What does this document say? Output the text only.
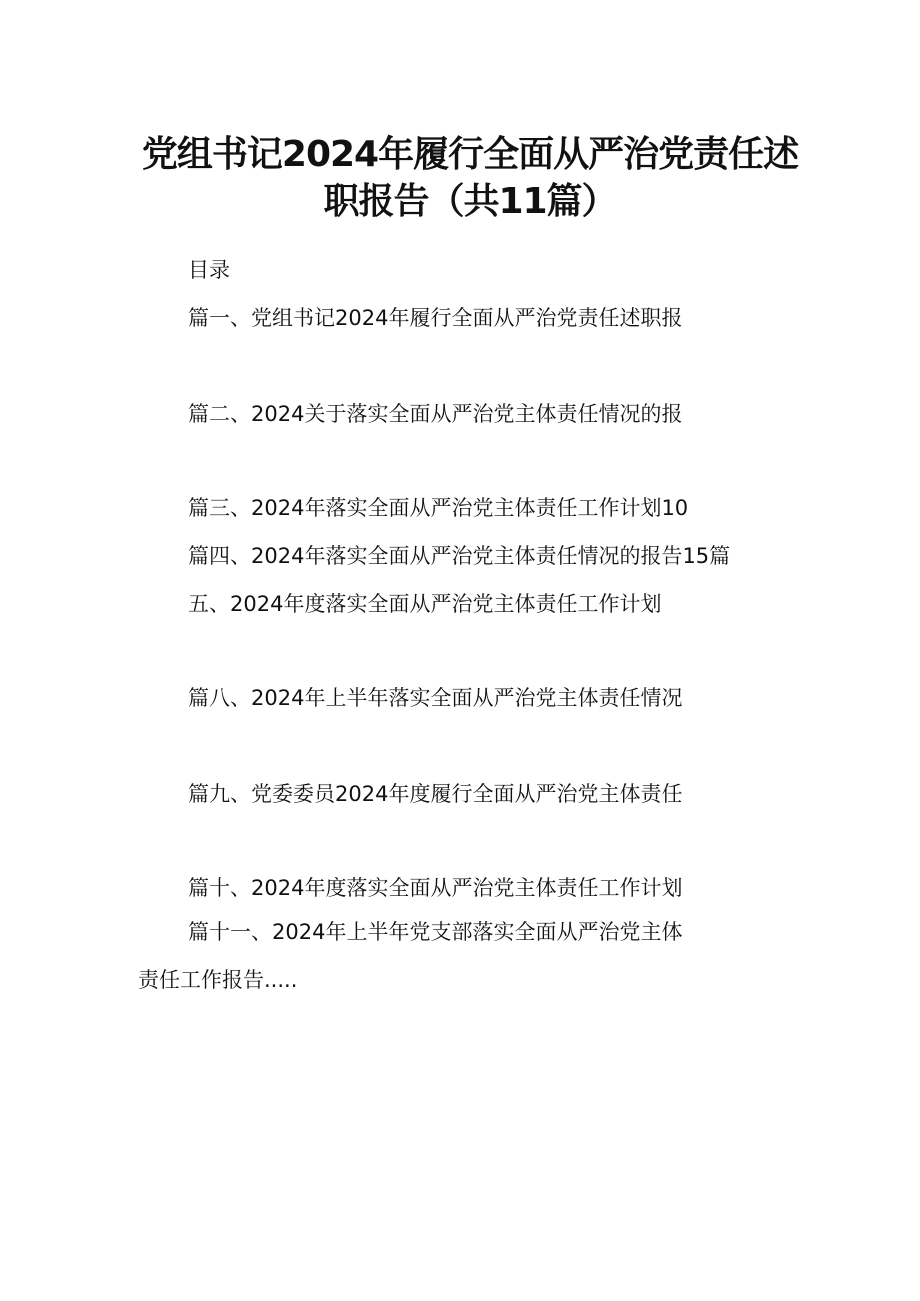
党组书记2024年履行全面从严治党责任述
职报告（共11篇）
目录
篇一、党组书记2024年履行全面从严治党责任述职报
篇二、2024关于落实全面从严治党主体责任情况的报
篇三、2024年落实全面从严治党主体责任工作计划10
篇四、2024年落实全面从严治党主体责任情况的报告15篇
五、2024年度落实全面从严治党主体责任工作计划
篇八、2024年上半年落实全面从严治党主体责任情况
篇九、党委委员2024年度履行全面从严治党主体责任
篇十、2024年度落实全面从严治党主体责任工作计划
篇十一、2024年上半年党支部落实全面从严治党主体
责任工作报告.....
